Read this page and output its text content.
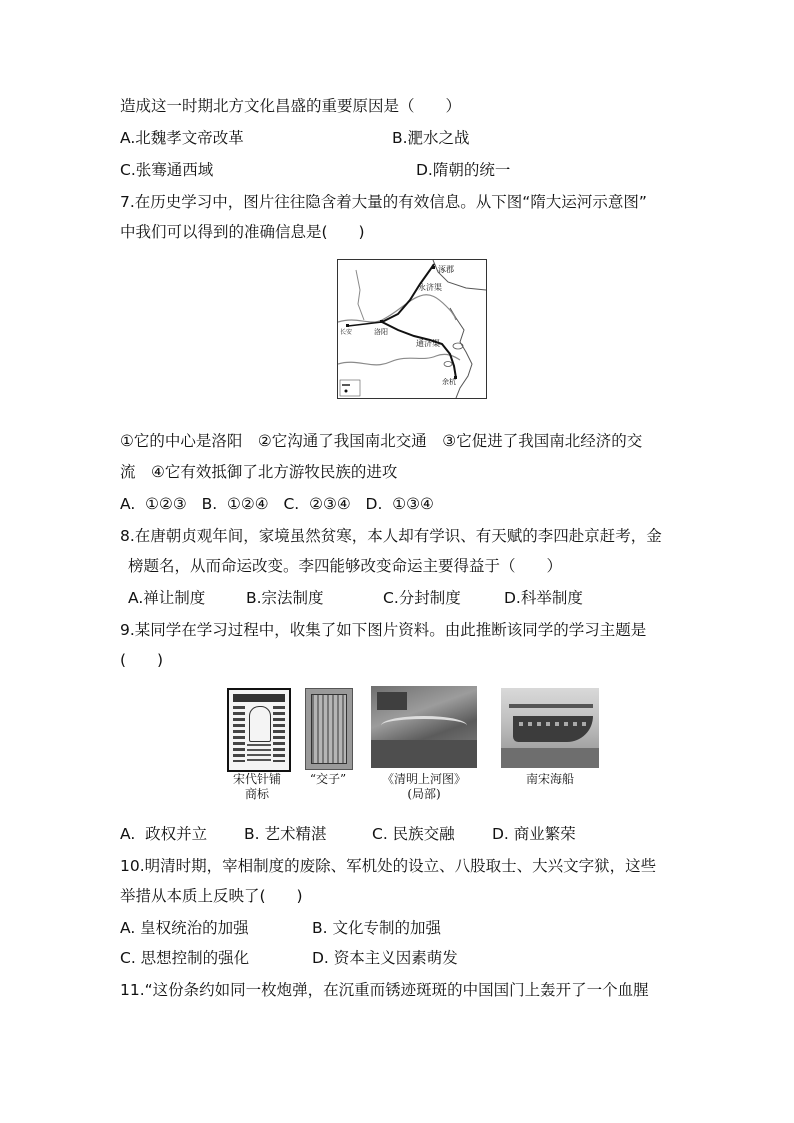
造成这一时期北方文化昌盛的重要原因是（　　）
A.北魏孝文帝改革	B.淝水之战
C.张骞通西域	D.隋朝的统一
7.在历史学习中，图片往往隐含着大量的有效信息。从下图“隋大运河示意图”
中我们可以得到的准确信息是(　　)
涿郡
永济渠
通济渠
洛阳
长安
余杭
①它的中心是洛阳　②它沟通了我国南北交通　③它促进了我国南北经济的交
流　④它有效抵御了北方游牧民族的进攻
A.  ①②③   B.  ①②④   C.  ②③④   D.  ①③④
8.在唐朝贞观年间，家境虽然贫寒，本人却有学识、有天赋的李四赴京赶考，金
榜题名，从而命运改变。李四能够改变命运主要得益于（　　）
A.禅让制度	B.宗法制度	C.分封制度	D.科举制度
9.某同学在学习过程中，收集了如下图片资料。由此推断该同学的学习主题是
(　　)
宋代针铺
商标
“交子”	《清明上河图》
(局部)
南宋海船
A.  政权并立 B. 艺术精湛	C. 民族交融 D. 商业繁荣
10.明清时期，宰相制度的废除、军机处的设立、八股取士、大兴文字狱，这些
举措从本质上反映了(　　)
A. 皇权统治的加强	B. 文化专制的加强
C. 思想控制的强化	D. 资本主义因素萌发
11.“这份条约如同一枚炮弹，在沉重而锈迹斑斑的中国国门上轰开了一个血腥
